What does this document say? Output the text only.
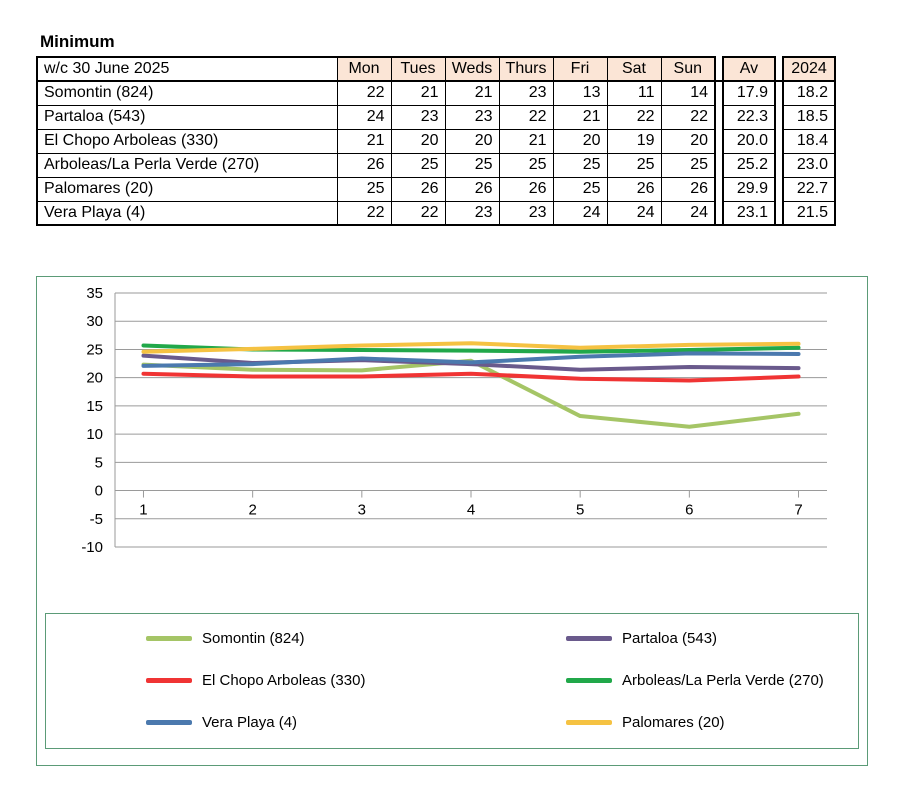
Minimum
w/c 30 June 2025	Mon	Tues	Weds	Thurs	Fri	Sat	Sun		Av		2024
Somontin (824)	22	21	21	23	13	11	14		17.9		18.2
Partaloa (543)	24	23	23	22	21	22	22		22.3		18.5
El Chopo Arboleas (330)	21	20	20	21	20	19	20		20.0		18.4
Arboleas/La Perla Verde (270)	26	25	25	25	25	25	25		25.2		23.0
Palomares (20)	25	26	26	26	25	26	26		29.9		22.7
Vera Playa (4)	22	22	23	23	24	24	24		23.1		21.5
35
30
25
20
15
10
5
0
-5
-10
1	2	3	4	5	6	7
Somontin (824)	Partaloa (543)
El Chopo Arboleas (330)	Arboleas/La Perla Verde (270)
Vera Playa (4)	Palomares (20)
